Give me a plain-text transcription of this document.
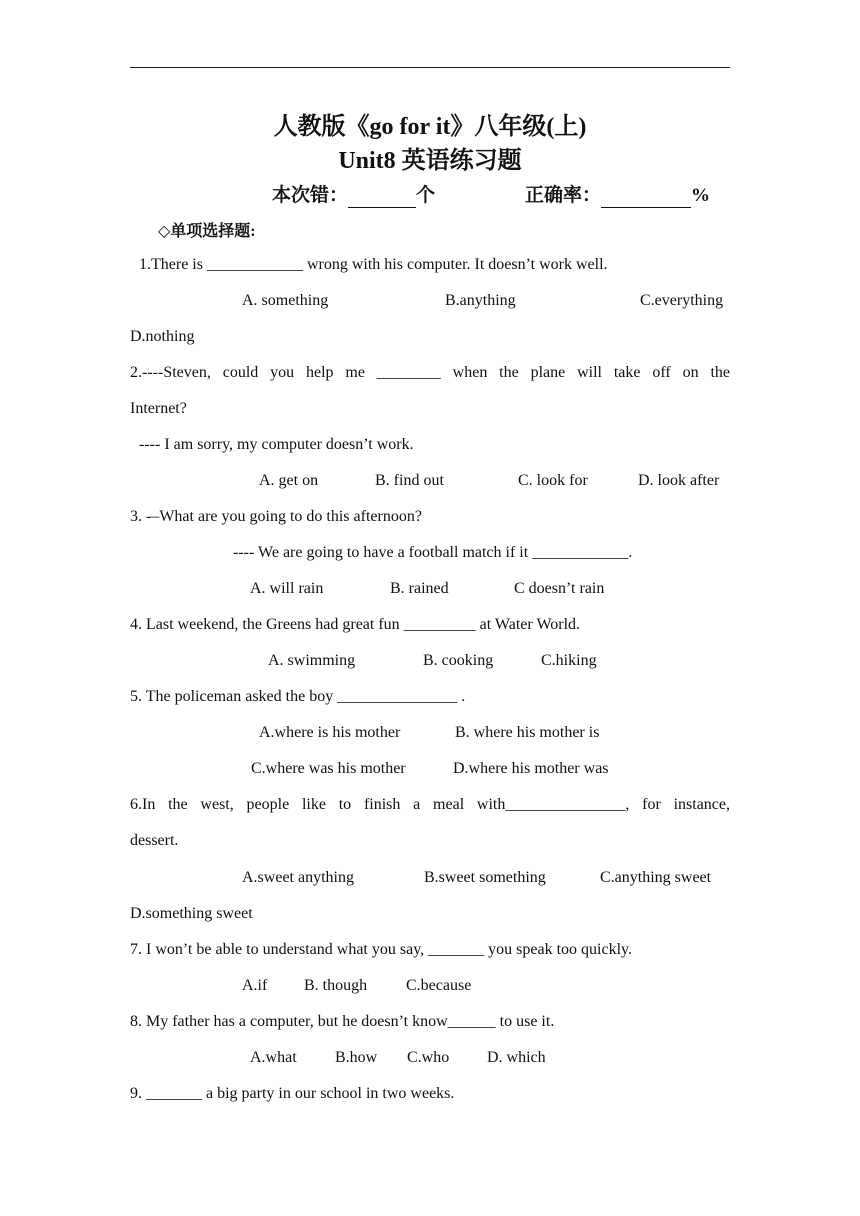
人教版《go for it》八年级(上)
Unit8 英语练习题
本次错：	个	正确率：	%
◇单项选择题:
1.There is ____________ wrong with his computer. It doesn’t work well.
A. something	B.anything	C.everything
D.nothing
2.----Steven, could you help me ________ when the plane will take off on the
Internet?
---- I am sorry, my computer doesn’t work.
A. get on	B. find out	C. look for	D. look after
3. -–What are you going to do this afternoon?
---- We are going to have a football match if it ____________.
A. will rain	B. rained	C doesn’t rain
4. Last weekend, the Greens had great fun _________ at Water World.
A. swimming	B. cooking	C.hiking
5. The policeman asked the boy _______________ .
A.where is his mother	B. where his mother is
C.where was his mother	D.where his mother was
6.In the west, people like to finish a meal with_______________, for instance,
dessert.
A.sweet anything	B.sweet something	C.anything sweet
D.something sweet
7. I won’t be able to understand what you say, _______ you speak too quickly.
A.if B. though C.because
8. My father has a computer, but he doesn’t know______ to use it.
A.what B.how C.who D. which
9. _______ a big party in our school in two weeks.
